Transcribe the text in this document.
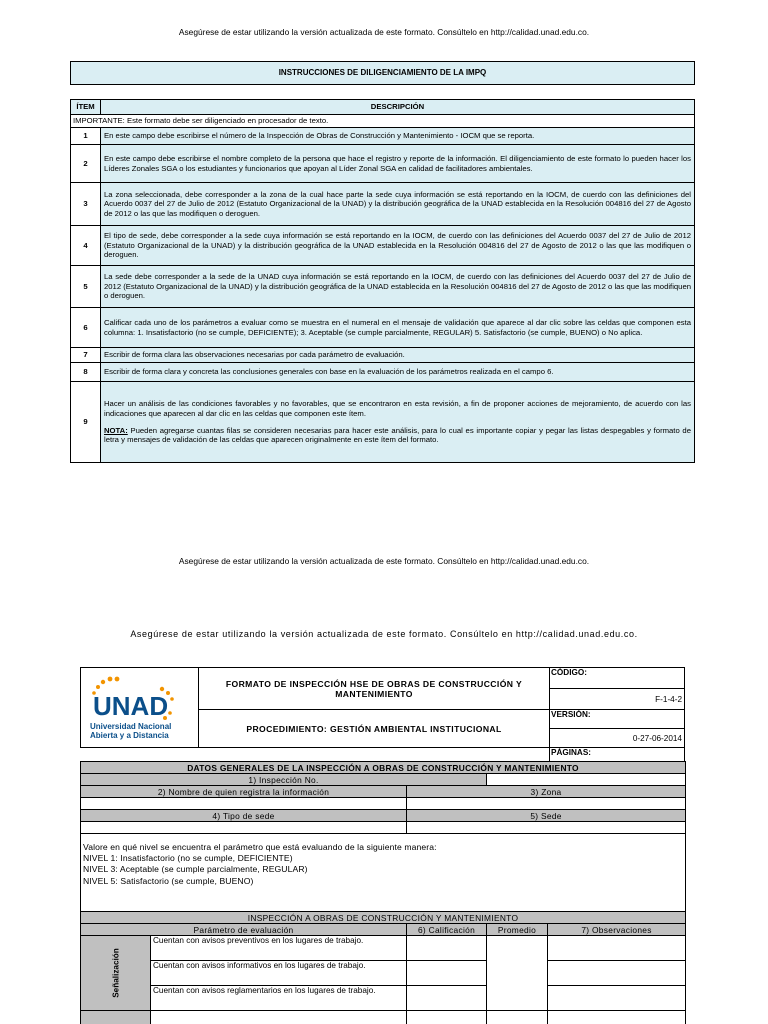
Asegúrese de estar utilizando la versión actualizada de este formato. Consúltelo en http://calidad.unad.edu.co.
INSTRUCCIONES DE DILIGENCIAMIENTO DE LA IMPQ
ÍTEM	DESCRIPCIÓN
IMPORTANTE: Este formato debe ser diligenciado en procesador de texto.	
1	En este campo debe escribirse el número de la Inspección de Obras de Construcción y Mantenimiento - IOCM que se reporta.
2	En este campo debe escribirse el nombre completo de la persona que hace el registro y reporte de la información. El diligenciamiento de este formato lo pueden hacer los Líderes Zonales SGA o los estudiantes y funcionarios que apoyan al Líder Zonal SGA en calidad de facilitadores ambientales.
3	La zona seleccionada, debe corresponder a la zona de la cual hace parte la sede cuya información se está reportando en la IOCM, de cuerdo con las definiciones del Acuerdo 0037 del 27 de Julio de 2012 (Estatuto Organizacional de la UNAD) y la distribución geográfica de la UNAD establecida en la Resolución 004816 del 27 de Agosto de 2012 o las que las modifiquen o deroguen.
4	El tipo de sede, debe corresponder a la sede cuya información se está reportando en la IOCM, de cuerdo con las definiciones del Acuerdo 0037 del 27 de Julio de 2012 (Estatuto Organizacional de la UNAD) y la distribución geográfica de la UNAD establecida en la Resolución 004816 del 27 de Agosto de 2012 o las que las modifiquen o deroguen.
5	La sede debe corresponder a la sede de la UNAD cuya información se está reportando en la IOCM, de cuerdo con las definiciones del Acuerdo 0037 del 27 de Julio de 2012 (Estatuto Organizacional de la UNAD) y la distribución geográfica de la UNAD establecida en la Resolución 004816 del 27 de Agosto de 2012 o las que las modifiquen o deroguen.
6	Calificar cada uno de los parámetros a evaluar como se muestra en el numeral en el mensaje de validación que aparece al dar clic sobre las celdas que componen esta columna: 1. Insatisfactorio (no se cumple, DEFICIENTE); 3. Aceptable (se cumple parcialmente, REGULAR) 5. Satisfactorio (se cumple, BUENO) o No aplica.
7	Escribir de forma clara las observaciones necesarias por cada parámetro de evaluación.
8	Escribir de forma clara y concreta las conclusiones generales con base en la evaluación de los parámetros realizada en el campo 6.
9	Hacer un análisis de las condiciones favorables y no favorables, que se encontraron en esta revisión, a fin de proponer acciones de mejoramiento, de acuerdo con las indicaciones que aparecen al dar clic en las celdas que componen este ítem.
NOTA: Pueden agregarse cuantas filas se consideren necesarias para hacer este análisis, para lo cual es importante copiar y pegar las listas despegables y formato de letra y mensajes de validación de las celdas que aparecen originalmente en este ítem del formato.
Asegúrese de estar utilizando la versión actualizada de este formato. Consúltelo en http://calidad.unad.edu.co.
Asegúrese de estar utilizando la versión actualizada de este formato. Consúltelo en http://calidad.unad.edu.co.
UNAD
Universidad Nacional
Abierta y a Distancia	FORMATO DE INSPECCIÓN HSE DE OBRAS DE CONSTRUCCIÓN Y MANTENIMIENTO	CÓDIGO:
		F-1-4-2
	PROCEDIMIENTO: GESTIÓN AMBIENTAL INSTITUCIONAL	VERSIÓN:
		0-27-06-2014
		PÁGINAS:

DATOS GENERALES DE LA INSPECCIÓN A OBRAS DE CONSTRUCCIÓN Y MANTENIMIENTO				
1) Inspección No.				
2) Nombre de quien registra la información		3) Zona		

4) Tipo de sede		5) Sede		

Valore en qué nivel se encuentra el parámetro que está evaluando de la siguiente manera:
NIVEL 1: Insatisfactorio (no se cumple, DEFICIENTE)
NIVEL 3: Aceptable (se cumple parcialmente, REGULAR)
NIVEL 5: Satisfactorio (se cumple, BUENO)				

INSPECCIÓN A OBRAS DE CONSTRUCCIÓN Y MANTENIMIENTO				
Parámetro de evaluación		6) Calificación	Promedio	7) Observaciones

Señalización	Cuentan con avisos preventivos en los lugares de trabajo.			
	Cuentan con avisos informativos en los lugares de trabajo.			
	Cuentan con avisos reglamentarios en los lugares de trabajo.			
